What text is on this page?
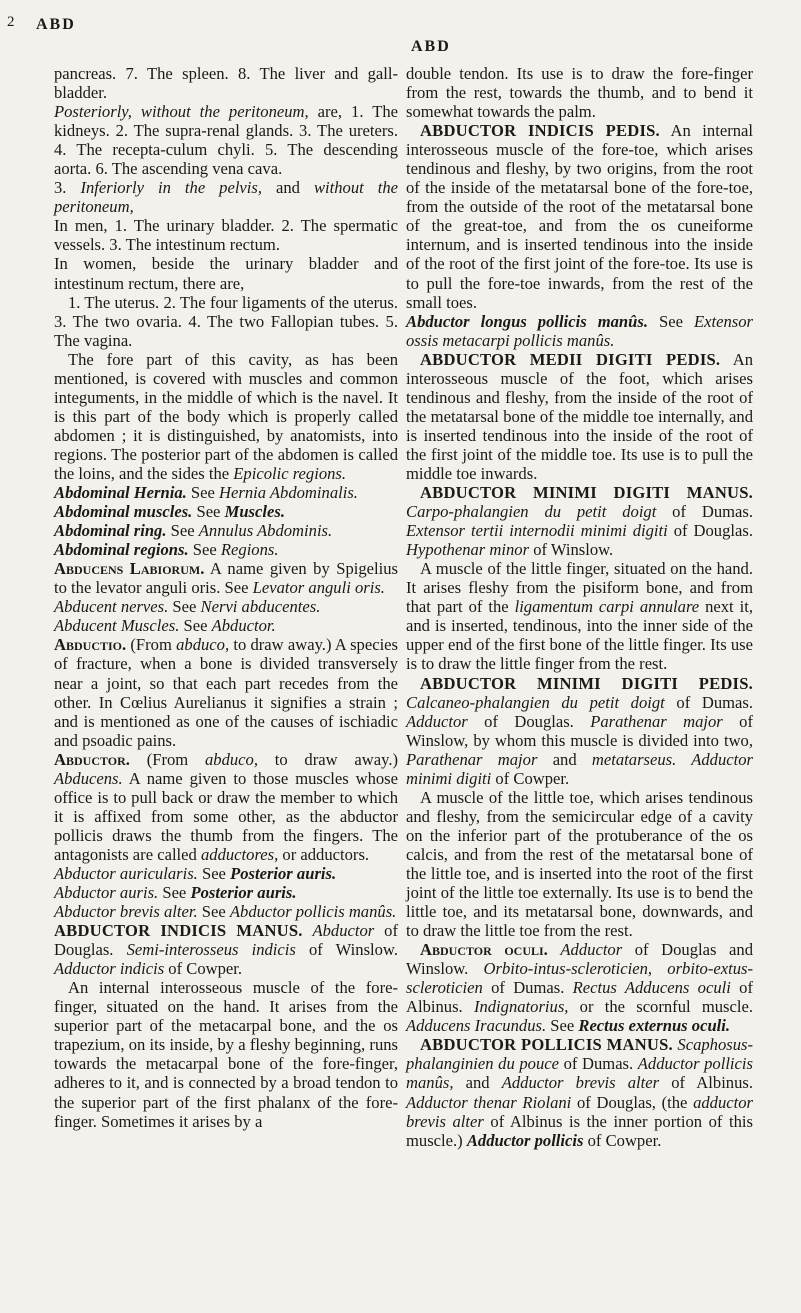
2 ABD
ABD

pancreas. 7. The spleen. 8. The liver and gall-bladder.

Posteriorly, without the peritoneum, are, 1. The kidneys. 2. The supra-renal glands. 3. The ureters. 4. The recepta-culum chyli. 5. The descending aorta. 6. The ascending vena cava.

3. Inferiorly in the pelvis, and without the peritoneum,

In men, 1. The urinary bladder. 2. The spermatic vessels. 3. The intestinum rectum.

In women, beside the urinary bladder and intestinum rectum, there are,

1. The uterus. 2. The four ligaments of the uterus. 3. The two ovaria. 4. The two Fallopian tubes. 5. The vagina.

The fore part of this cavity, as has been mentioned, is covered with muscles and common integuments, in the middle of which is the navel. It is this part of the body which is properly called abdomen ; it is distinguished, by anatomists, into regions. The posterior part of the abdomen is called the loins, and the sides the Epicolic regions.

Abdominal Hernia. See Hernia Abdominalis.

Abdominal muscles. See Muscles.

Abdominal ring. See Annulus Abdominis.

Abdominal regions. See Regions.

Abducens Labiorum. A name given by Spigelius to the levator anguli oris. See Levator anguli oris.

Abducent nerves. See Nervi abducentes.

Abducent Muscles. See Abductor.

Abductio. (From abduco, to draw away.) A species of fracture, when a bone is divided transversely near a joint, so that each part recedes from the other. In Cœlius Aurelianus it signifies a strain ; and is mentioned as one of the causes of ischiadic and psoadic pains.

Abductor. (From abduco, to draw away.) Abducens. A name given to those muscles whose office is to pull back or draw the member to which it is affixed from some other, as the abductor pollicis draws the thumb from the fingers. The antagonists are called adductores, or adductors.

Abductor auricularis. See Posterior auris.

Abductor auris. See Posterior auris.

Abductor brevis alter. See Abductor pollicis manûs.

ABDUCTOR INDICIS MANUS. Abductor of Douglas. Semi-interosseus indicis of Winslow. Adductor indicis of Cowper.

An internal interosseous muscle of the fore-finger, situated on the hand. It arises from the superior part of the metacarpal bone, and the os trapezium, on its inside, by a fleshy beginning, runs towards the metacarpal bone of the fore-finger, adheres to it, and is connected by a broad tendon to the superior part of the first phalanx of the fore-finger. Sometimes it arises by a

double tendon. Its use is to draw the fore-finger from the rest, towards the thumb, and to bend it somewhat towards the palm.

ABDUCTOR INDICIS PEDIS. An internal interosseous muscle of the fore-toe, which arises tendinous and fleshy, by two origins, from the root of the inside of the metatarsal bone of the fore-toe, from the outside of the root of the metatarsal bone of the great-toe, and from the os cuneiforme internum, and is inserted tendinous into the inside of the root of the first joint of the fore-toe. Its use is to pull the fore-toe inwards, from the rest of the small toes.

Abductor longus pollicis manûs. See Extensor ossis metacarpi pollicis manûs.

ABDUCTOR MEDII DIGITI PEDIS. An interosseous muscle of the foot, which arises tendinous and fleshy, from the inside of the root of the metatarsal bone of the middle toe internally, and is inserted tendinous into the inside of the root of the first joint of the middle toe. Its use is to pull the middle toe inwards.

ABDUCTOR MINIMI DIGITI MANUS. Carpo-phalangien du petit doigt of Dumas. Extensor tertii internodii minimi digiti of Douglas. Hypothenar minor of Winslow.

A muscle of the little finger, situated on the hand. It arises fleshy from the pisiform bone, and from that part of the ligamentum carpi annulare next it, and is inserted, tendinous, into the inner side of the upper end of the first bone of the little finger. Its use is to draw the little finger from the rest.

ABDUCTOR MINIMI DIGITI PEDIS. Calcaneo-phalangien du petit doigt of Dumas. Adductor of Douglas. Parathenar major of Winslow, by whom this muscle is divided into two, Parathenar major and metatarseus. Adductor minimi digiti of Cowper.

A muscle of the little toe, which arises tendinous and fleshy, from the semicircular edge of a cavity on the inferior part of the protuberance of the os calcis, and from the rest of the metatarsal bone of the little toe, and is inserted into the root of the first joint of the little toe externally. Its use is to bend the little toe, and its metatarsal bone, downwards, and to draw the little toe from the rest.

Abductor oculi. Adductor of Douglas and Winslow. Orbito-intus-scleroticien, orbito-extus-scleroticien of Dumas. Rectus Adducens oculi of Albinus. Indignatorius, or the scornful muscle. Adducens Iracundus. See Rectus externus oculi.

ABDUCTOR POLLICIS MANUS. Scaphosus-phalanginien du pouce of Dumas. Adductor pollicis manûs, and Adductor brevis alter of Albinus. Adductor thenar Riolani of Douglas, (the adductor brevis alter of Albinus is the inner portion of this muscle.) Adductor pollicis of Cowper.
